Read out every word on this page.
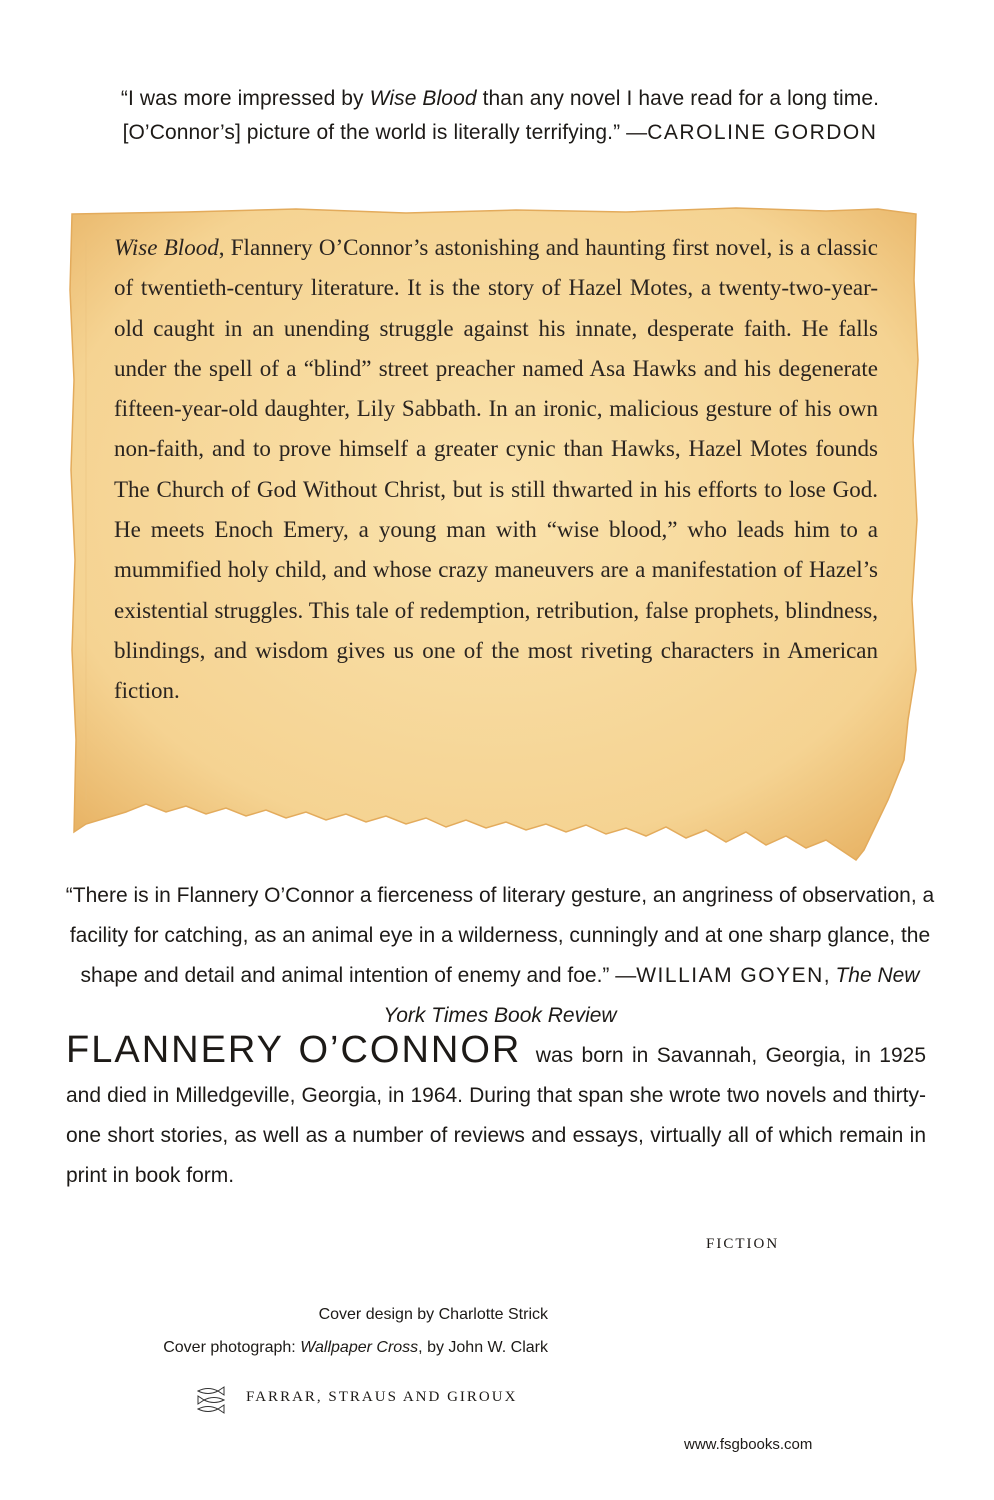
“I was more impressed by Wise Blood than any novel I have read for a long time. [O’Connor’s] picture of the world is literally terrifying.” —CAROLINE GORDON
Wise Blood, Flannery O’Connor’s astonishing and haunting first novel, is a classic of twentieth-century literature. It is the story of Hazel Motes, a twenty-two-year-old caught in an unending struggle against his innate, desperate faith. He falls under the spell of a “blind” street preacher named Asa Hawks and his degenerate fifteen-year-old daughter, Lily Sabbath. In an ironic, malicious gesture of his own non-faith, and to prove himself a greater cynic than Hawks, Hazel Motes founds The Church of God Without Christ, but is still thwarted in his efforts to lose God. He meets Enoch Emery, a young man with “wise blood,” who leads him to a mummified holy child, and whose crazy maneuvers are a manifestation of Hazel’s existential struggles. This tale of redemption, retribution, false prophets, blindness, blindings, and wisdom gives us one of the most riveting characters in American fiction.
“There is in Flannery O’Connor a fierceness of literary gesture, an angriness of observation, a facility for catching, as an animal eye in a wilderness, cunningly and at one sharp glance, the shape and detail and animal intention of enemy and foe.” —WILLIAM GOYEN, The New York Times Book Review
FLANNERY O’CONNOR was born in Savannah, Georgia, in 1925 and died in Milledgeville, Georgia, in 1964. During that span she wrote two novels and thirty-one short stories, as well as a number of reviews and essays, virtually all of which remain in print in book form.
FICTION
Cover design by Charlotte Strick
Cover photograph: Wallpaper Cross, by John W. Clark
FARRAR, STRAUS AND GIROUX
www.fsgbooks.com
